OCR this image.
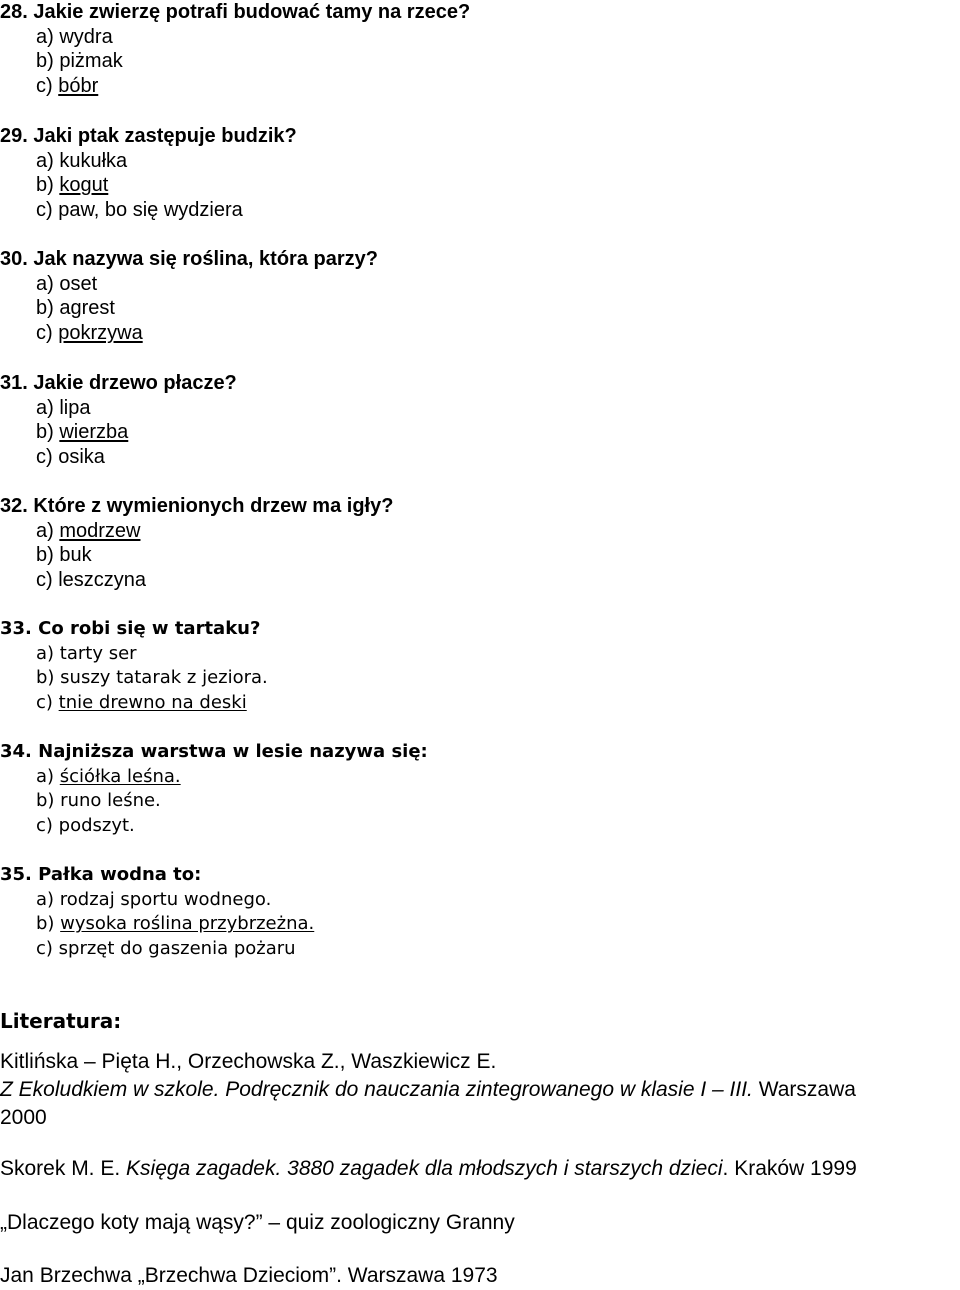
28. Jakie zwierzę potrafi budować tamy na rzece?
a) wydra
b) piżmak
c) bóbr
29. Jaki ptak zastępuje budzik?
a) kukułka
b) kogut
c) paw, bo się wydziera
30. Jak nazywa się roślina, która parzy?
a) oset
b) agrest
c) pokrzywa
31. Jakie drzewo płacze?
a) lipa
b) wierzba
c) osika
32. Które z wymienionych drzew ma igły?
a) modrzew
b) buk
c) leszczyna
33. Co robi się w tartaku?
a) tarty ser
b) suszy tatarak z jeziora.
c) tnie drewno na deski
34. Najniższa warstwa w lesie nazywa się:
a) ściółka leśna.
b) runo leśne.
c) podszyt.
35. Pałka wodna to:
a) rodzaj sportu wodnego.
b) wysoka roślina przybrzeżna.
c) sprzęt do gaszenia pożaru
Literatura:
Kitlińska – Pięta H., Orzechowska Z., Waszkiewicz E.
Z Ekoludkiem w szkole. Podręcznik do nauczania zintegrowanego w klasie I – III. Warszawa
2000
Skorek M. E. Księga zagadek. 3880 zagadek dla młodszych i starszych dzieci. Kraków 1999
„Dlaczego koty mają wąsy?” – quiz zoologiczny Granny
Jan Brzechwa „Brzechwa Dzieciom”. Warszawa 1973
